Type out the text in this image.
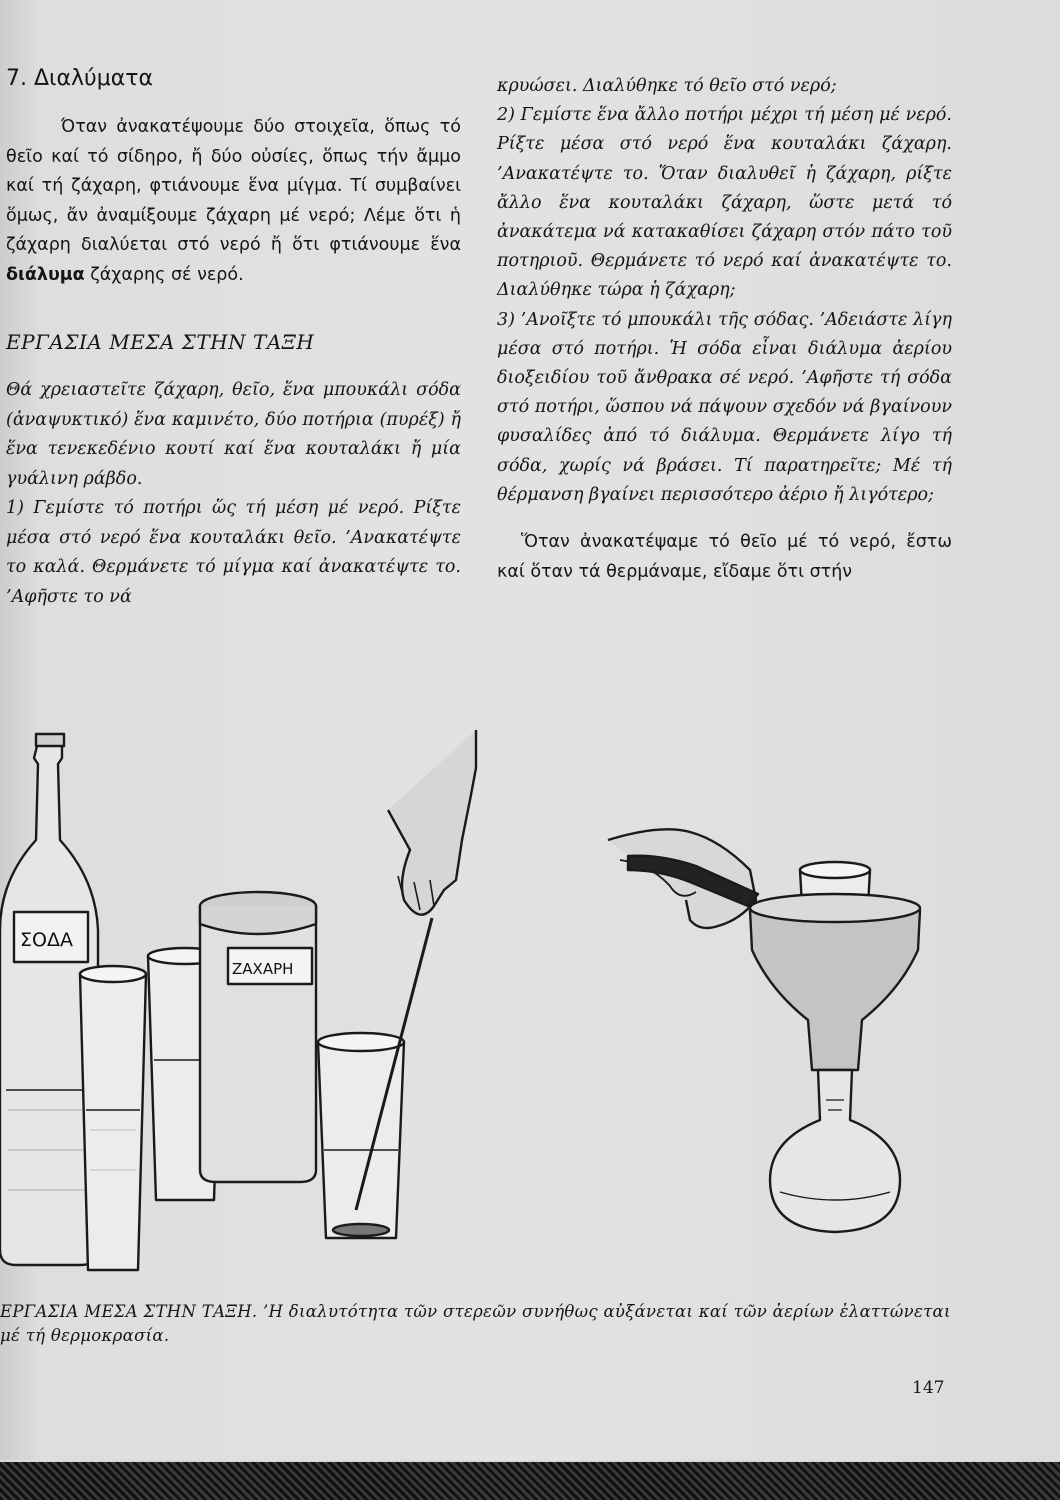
7. Διαλύματα

Όταν ἀνακατέψουμε δύο στοιχεῖα, ὅπως τό θεῖο καί τό σίδηρο, ἤ δύο οὐσίες, ὅπως τήν ἄμμο καί τή ζάχαρη, φτιάνουμε ἕνα μίγμα. Τί συμβαίνει ὅμως, ἄν ἀναμίξουμε ζάχαρη μέ νερό; Λέμε ὅτι ἡ ζάχαρη διαλύεται στό νερό ἤ ὅτι φτιάνουμε ἕνα διάλυμα ζάχαρης σέ νερό.

ΕΡΓΑΣΙΑ ΜΕΣΑ ΣΤΗΝ ΤΑΞΗ

Θά χρειαστεῖτε ζάχαρη, θεῖο, ἕνα μπουκάλι σόδα (ἀναψυκτικό) ἕνα καμινέτο, δύο ποτήρια (πυρέξ) ἤ ἕνα τενεκεδένιο κουτί καί ἕνα κουταλάκι ἤ μία γυάλινη ράβδο.

1) Γεμίστε τό ποτήρι ὥς τή μέση μέ νερό. Ρίξτε μέσα στό νερό ἕνα κουταλάκι θεῖο. ’Ανακατέψτε το καλά. Θερμάνετε τό μίγμα καί ἀνακατέψτε το. ’Αφῆστε το νά

κρυώσει. Διαλύθηκε τό θεῖο στό νερό;

2) Γεμίστε ἕνα ἄλλο ποτήρι μέχρι τή μέση μέ νερό. Ρίξτε μέσα στό νερό ἕνα κουταλάκι ζάχαρη. ’Ανακατέψτε το. Ὅταν διαλυθεῖ ἡ ζάχαρη, ρίξτε ἄλλο ἕνα κουταλάκι ζάχαρη, ὥστε μετά τό ἀνακάτεμα νά κατακαθίσει ζάχαρη στόν πάτο τοῦ ποτηριοῦ. Θερμάνετε τό νερό καί ἀνακατέψτε το. Διαλύθηκε τώρα ἡ ζάχαρη;

3) ’Ανοῖξτε τό μπουκάλι τῆς σόδας. ’Αδειάστε λίγη μέσα στό ποτήρι. Ἡ σόδα εἶναι διάλυμα ἀερίου διοξειδίου τοῦ ἄνθρακα σέ νερό. ’Αφῆστε τή σόδα στό ποτήρι, ὥσπου νά πάψουν σχεδόν νά βγαίνουν φυσαλίδες ἀπό τό διάλυμα. Θερμάνετε λίγο τή σόδα, χωρίς νά βράσει. Τί παρατηρεῖτε; Μέ τή θέρμανση βγαίνει περισσότερο ἀέριο ἤ λιγότερο;

Ὅταν ἀνακατέψαμε τό θεῖο μέ τό νερό, ἔστω καί ὅταν τά θερμάναμε, εἴδαμε ὅτι στήν

ΣΟΔΑ
ΖΑΧΑΡΗ
ΕΡΓΑΣΙΑ ΜΕΣΑ ΣΤΗΝ ΤΑΞΗ. ’Η διαλυτότητα τῶν στερεῶν συνήθως αὐξάνεται καί τῶν ἀερίων ἐλαττώνεται μέ τή θερμοκρασία.
147
